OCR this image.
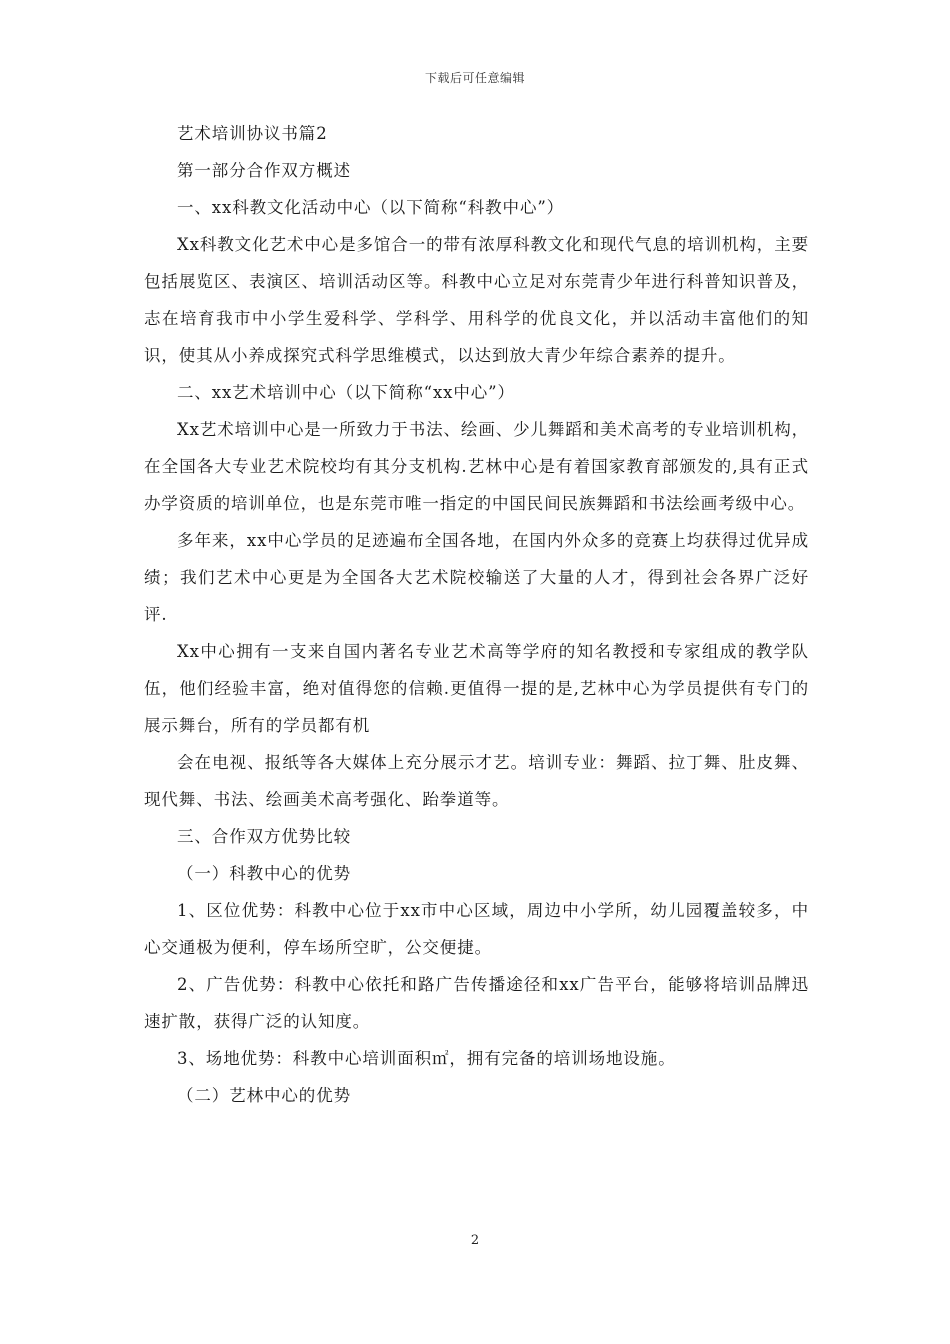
下载后可任意编辑

艺术培训协议书篇2

第一部分合作双方概述

一、xx科教文化活动中心（以下简称“科教中心”）

Xx科教文化艺术中心是多馆合一的带有浓厚科教文化和现代气息的培训机构，主要包括展览区、表演区、培训活动区等。科教中心立足对东莞青少年进行科普知识普及，志在培育我市中小学生爱科学、学科学、用科学的优良文化，并以活动丰富他们的知识，使其从小养成探究式科学思维模式，以达到放大青少年综合素养的提升。

二、xx艺术培训中心（以下简称“xx中心”）

Xx艺术培训中心是一所致力于书法、绘画、少儿舞蹈和美术高考的专业培训机构，在全国各大专业艺术院校均有其分支机构.艺林中心是有着国家教育部颁发的,具有正式办学资质的培训单位，也是东莞市唯一指定的中国民间民族舞蹈和书法绘画考级中心。

多年来，xx中心学员的足迹遍布全国各地，在国内外众多的竞赛上均获得过优异成绩；我们艺术中心更是为全国各大艺术院校输送了大量的人才，得到社会各界广泛好评.

Xx中心拥有一支来自国内著名专业艺术高等学府的知名教授和专家组成的教学队伍，他们经验丰富，绝对值得您的信赖.更值得一提的是,艺林中心为学员提供有专门的展示舞台，所有的学员都有机

会在电视、报纸等各大媒体上充分展示才艺。培训专业：舞蹈、拉丁舞、肚皮舞、现代舞、书法、绘画美术高考强化、跆拳道等。

三、合作双方优势比较

（一）科教中心的优势

1、区位优势：科教中心位于xx市中心区域，周边中小学所，幼儿园覆盖较多，中心交通极为便利，停车场所空旷，公交便捷。

2、广告优势：科教中心依托和路广告传播途径和xx广告平台，能够将培训品牌迅速扩散，获得广泛的认知度。

3、场地优势：科教中心培训面积㎡，拥有完备的培训场地设施。

（二）艺林中心的优势

2
